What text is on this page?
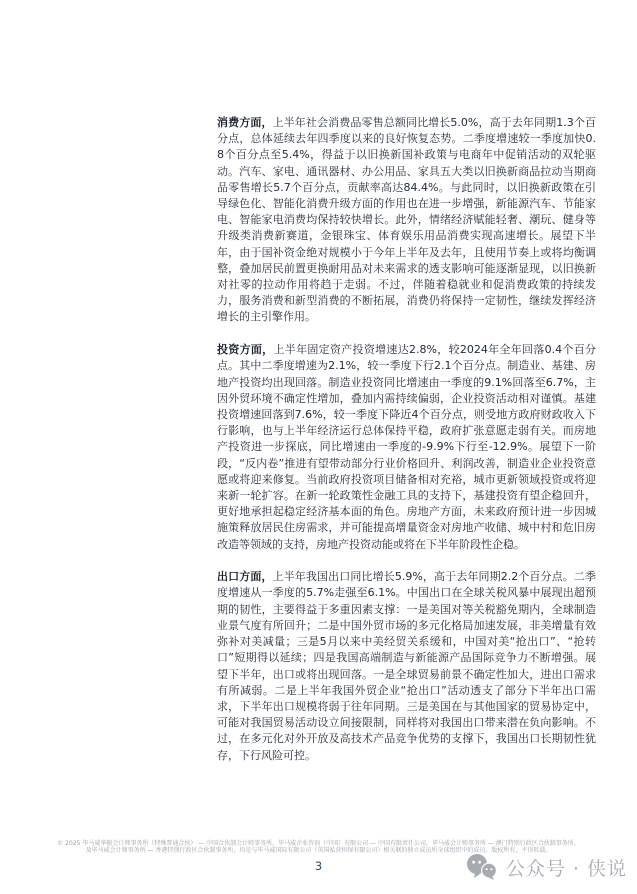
消费方面，上半年社会消费品零售总额同比增长5.0%，高于去年同期1.3个百分点，总体延续去年四季度以来的良好恢复态势。二季度增速较一季度加快0.8个百分点至5.4%，得益于以旧换新国补政策与电商年中促销活动的双轮驱动。汽车、家电、通讯器材、办公用品、家具五大类以旧换新商品拉动当期商品零售增长5.7个百分点，贡献率高达84.4%。与此同时，以旧换新政策在引导绿色化、智能化消费升级方面的作用也在进一步增强，新能源汽车、节能家电、智能家电消费均保持较快增长。此外，情绪经济赋能轻奢、潮玩、健身等升级类消费新赛道，金银珠宝、体育娱乐用品消费实现高速增长。展望下半年，由于国补资金绝对规模小于今年上半年及去年，且使用节奏上或将均衡调整，叠加居民前置更换耐用品对未来需求的透支影响可能逐渐显现，以旧换新对社零的拉动作用将趋于走弱。不过，伴随着稳就业和促消费政策的持续发力，服务消费和新型消费的不断拓展，消费仍将保持一定韧性，继续发挥经济增长的主引擎作用。

投资方面，上半年固定资产投资增速达2.8%，较2024年全年回落0.4个百分点。其中二季度增速为2.1%，较一季度下行2.1个百分点。制造业、基建、房地产投资均出现回落。制造业投资同比增速由一季度的9.1%回落至6.7%，主因外贸环境不确定性增加，叠加内需持续偏弱，企业投资活动相对谨慎。基建投资增速回落到7.6%，较一季度下降近4个百分点，则受地方政府财政收入下行影响，也与上半年经济运行总体保持平稳，政府扩张意愿走弱有关。而房地产投资进一步探底，同比增速由一季度的-9.9%下行至-12.9%。展望下一阶段，“反内卷”推进有望带动部分行业价格回升、利润改善，制造业企业投资意愿或将迎来修复。当前政府投资项目储备相对充裕，城市更新领域投资或将迎来新一轮扩容。在新一轮政策性金融工具的支持下，基建投资有望企稳回升，更好地承担起稳定经济基本面的角色。房地产方面，未来政府预计进一步因城施策释放居民住房需求，并可能提高增量资金对房地产收储、城中村和危旧房改造等领域的支持，房地产投资动能或将在下半年阶段性企稳。

出口方面，上半年我国出口同比增长5.9%，高于去年同期2.2个百分点。二季度增速从一季度的5.7%走强至6.1%。中国出口在全球关税风暴中展现出超预期的韧性，主要得益于多重因素支撑：一是美国对等关税豁免期内，全球制造业景气度有所回升；二是中国外贸市场的多元化格局加速发展，非美增量有效弥补对美减量；三是5月以来中美经贸关系缓和，中国对美“抢出口”、“抢转口”短期得以延续；四是我国高端制造与新能源产品国际竞争力不断增强。展望下半年，出口或将出现回落。一是全球贸易前景不确定性加大，进出口需求有所减弱。二是上半年我国外贸企业“抢出口”活动透支了部分下半年出口需求，下半年出口规模将弱于往年同期。三是美国在与其他国家的贸易协定中，可能对我国贸易活动设立间接限制，同样将对我国出口带来潜在负向影响。不过，在多元化对外开放及高技术产品竞争优势的支撑下，我国出口长期韧性犹存，下行风险可控。

© 2025 毕马威华振会计师事务所（特殊普通合伙） — 中国合伙制会计师事务所，毕马威企业咨询（中国）有限公司 — 中国有限责任公司，毕马威会计师事务所 — 澳门特别行政区合伙制事务所，
及毕马威会计师事务所 — 香港特别行政区合伙制事务所，均是与毕马威国际有限公司（英国私营担保有限公司）相关联的独立成员所全球组织中的成员。版权所有，不得转载。
3	公众号 · 侠说
